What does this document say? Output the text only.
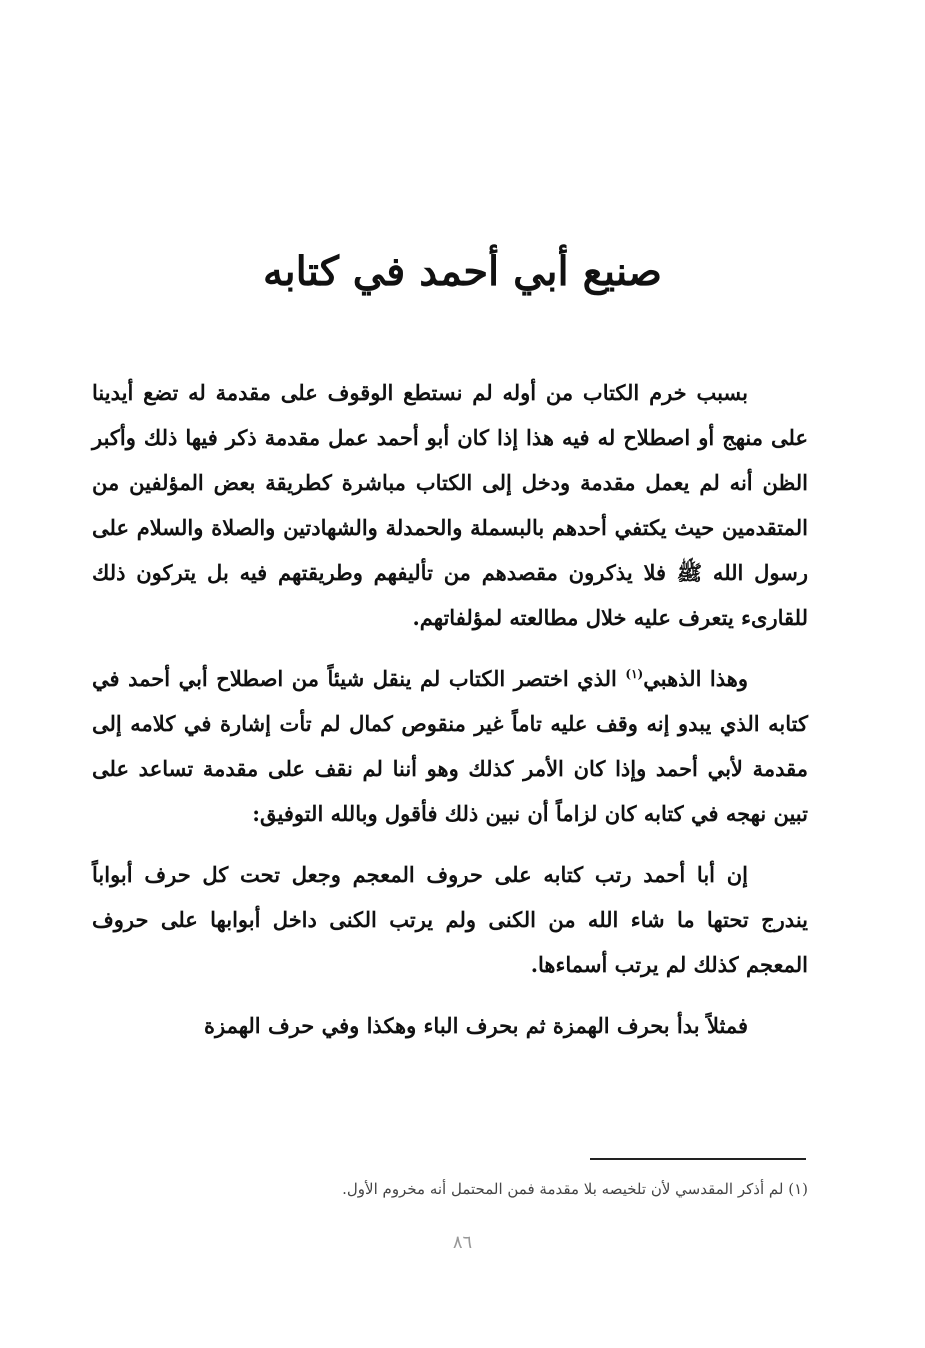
صنيع أبي أحمد في كتابه

بسبب خرم الكتاب من أوله لم نستطع الوقوف على مقدمة له تضع أيدينا على منهج أو اصطلاح له فيه هذا إذا كان أبو أحمد عمل مقدمة ذكر فيها ذلك وأكبر الظن أنه لم يعمل مقدمة ودخل إلى الكتاب مباشرة كطريقة بعض المؤلفين من المتقدمين حيث يكتفي أحدهم بالبسملة والحمدلة والشهادتين والصلاة والسلام على رسول الله ﷺ فلا يذكرون مقصدهم من تأليفهم وطريقتهم فيه بل يتركون ذلك للقارىء يتعرف عليه خلال مطالعته لمؤلفاتهم.

وهذا الذهبي$^{(١)}$ الذي اختصر الكتاب لم ينقل شيئاً من اصطلاح أبي أحمد في كتابه الذي يبدو إنه وقف عليه تاماً غير منقوص كمال لم تأت إشارة في كلامه إلى مقدمة لأبي أحمد وإذا كان الأمر كذلك وهو أننا لم نقف على مقدمة تساعد على تبين نهجه في كتابه كان لزاماً أن نبين ذلك فأقول وبالله التوفيق:

إن أبا أحمد رتب كتابه على حروف المعجم وجعل تحت كل حرف أبواباً يندرج تحتها ما شاء الله من الكنى ولم يرتب الكنى داخل أبوابها على حروف المعجم كذلك لم يرتب أسماءها.

فمثلاً بدأ بحرف الهمزة ثم بحرف الباء وهكذا وفي حرف الهمزة

(١) لم أذكر المقدسي لأن تلخيصه بلا مقدمة فمن المحتمل أنه مخروم الأول.
٨٦
